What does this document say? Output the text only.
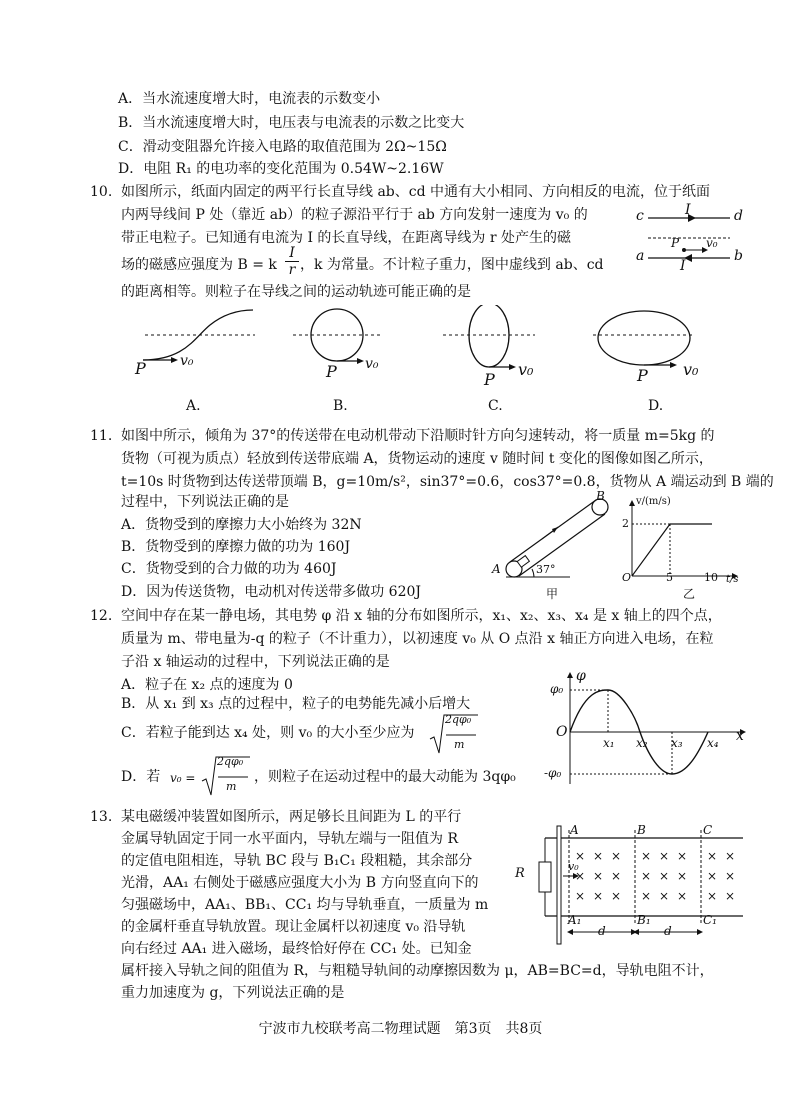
A．当水流速度增大时，电流表的示数变小
B．当水流速度增大时，电压表与电流表的示数之比变大
C．滑动变阻器允许接入电路的取值范围为 2Ω~15Ω
D．电阻 R₁ 的电功率的变化范围为 0.54W~2.16W
10. 如图所示，纸面内固定的两平行长直导线 ab、cd 中通有大小相同、方向相反的电流，位于纸面
内两导线间 P 处（靠近 ab）的粒子源沿平行于 ab 方向发射一速度为 v₀ 的
带正电粒子。已知通有电流为 I 的长直导线，在距离导线为 r 处产生的磁
场的磁感应强度为 B = k $\frac{I}{r}$ ，k 为常量。不计粒子重力，图中虚线到 ab、cd
的距离相等。则粒子在导线之间的运动轨迹可能正确的是
c	d
I
a	b
I
P v₀
P v₀
P v₀
P
v₀	P v₀
A.	B.	C.	D.
11. 如图中所示，倾角为 37°的传送带在电动机带动下沿顺时针方向匀速转动，将一质量 m=5kg 的
货物（可视为质点）轻放到传送带底端 A，货物运动的速度 v 随时间 t 变化的图像如图乙所示，
t=10s 时货物到达传送带顶端 B，g=10m/s²，sin37°=0.6，cos37°=0.8，货物从 A 端运动到 B 端的
过程中，下列说法正确的是
A．货物受到的摩擦力大小始终为 32N
B．货物受到的摩擦力做的功为 160J
C．货物受到的合力做的功为 460J
D．因为传送货物，电动机对传送带多做功 620J
B
A	37°
甲
v/(m/s)
2
O	5	10 t/s
乙
12. 空间中存在某一静电场，其电势 φ 沿 x 轴的分布如图所示，x₁、x₂、x₃、x₄ 是 x 轴上的四个点，
质量为 m、带电量为-q 的粒子（不计重力），以初速度 v₀ 从 O 点沿 x 轴正方向进入电场，在粒
子沿 x 轴运动的过程中，下列说法正确的是
A．粒子在 x₂ 点的速度为 0
B．从 x₁ 到 x₃ 点的过程中，粒子的电势能先减小后增大
C．若粒子能到达 x₄ 处，则 v₀ 的大小至少应为
2qφ₀
m
D．若 v₀ =
2qφ₀
m
，则粒子在运动过程中的最大动能为 3qφ₀
φ
φ₀
O
-φ₀
x
x₁ x₂ x₃ x₄
13. 某电磁缓冲装置如图所示，两足够长且间距为 L 的平行
金属导轨固定于同一水平面内，导轨左端与一阻值为 R
的定值电阻相连，导轨 BC 段与 B₁C₁ 段粗糙，其余部分
光滑，AA₁ 右侧处于磁感应强度大小为 B 方向竖直向下的
匀强磁场中，AA₁、BB₁、CC₁ 均与导轨垂直，一质量为 m
的金属杆垂直导轨放置。现让金属杆以初速度 v₀ 沿导轨
向右经过 AA₁ 进入磁场，最终恰好停在 CC₁ 处。已知金
属杆接入导轨之间的阻值为 R，与粗糙导轨间的动摩擦因数为 μ，AB=BC=d，导轨电阻不计，
重力加速度为 g，下列说法正确的是
× × × × × × × ×
× × × × × × × ×
× × × × × × × ×
A	B	C
A₁	B₁	C₁
R	v₀
d	d
宁波市九校联考高二物理试题　第3页　共8页
